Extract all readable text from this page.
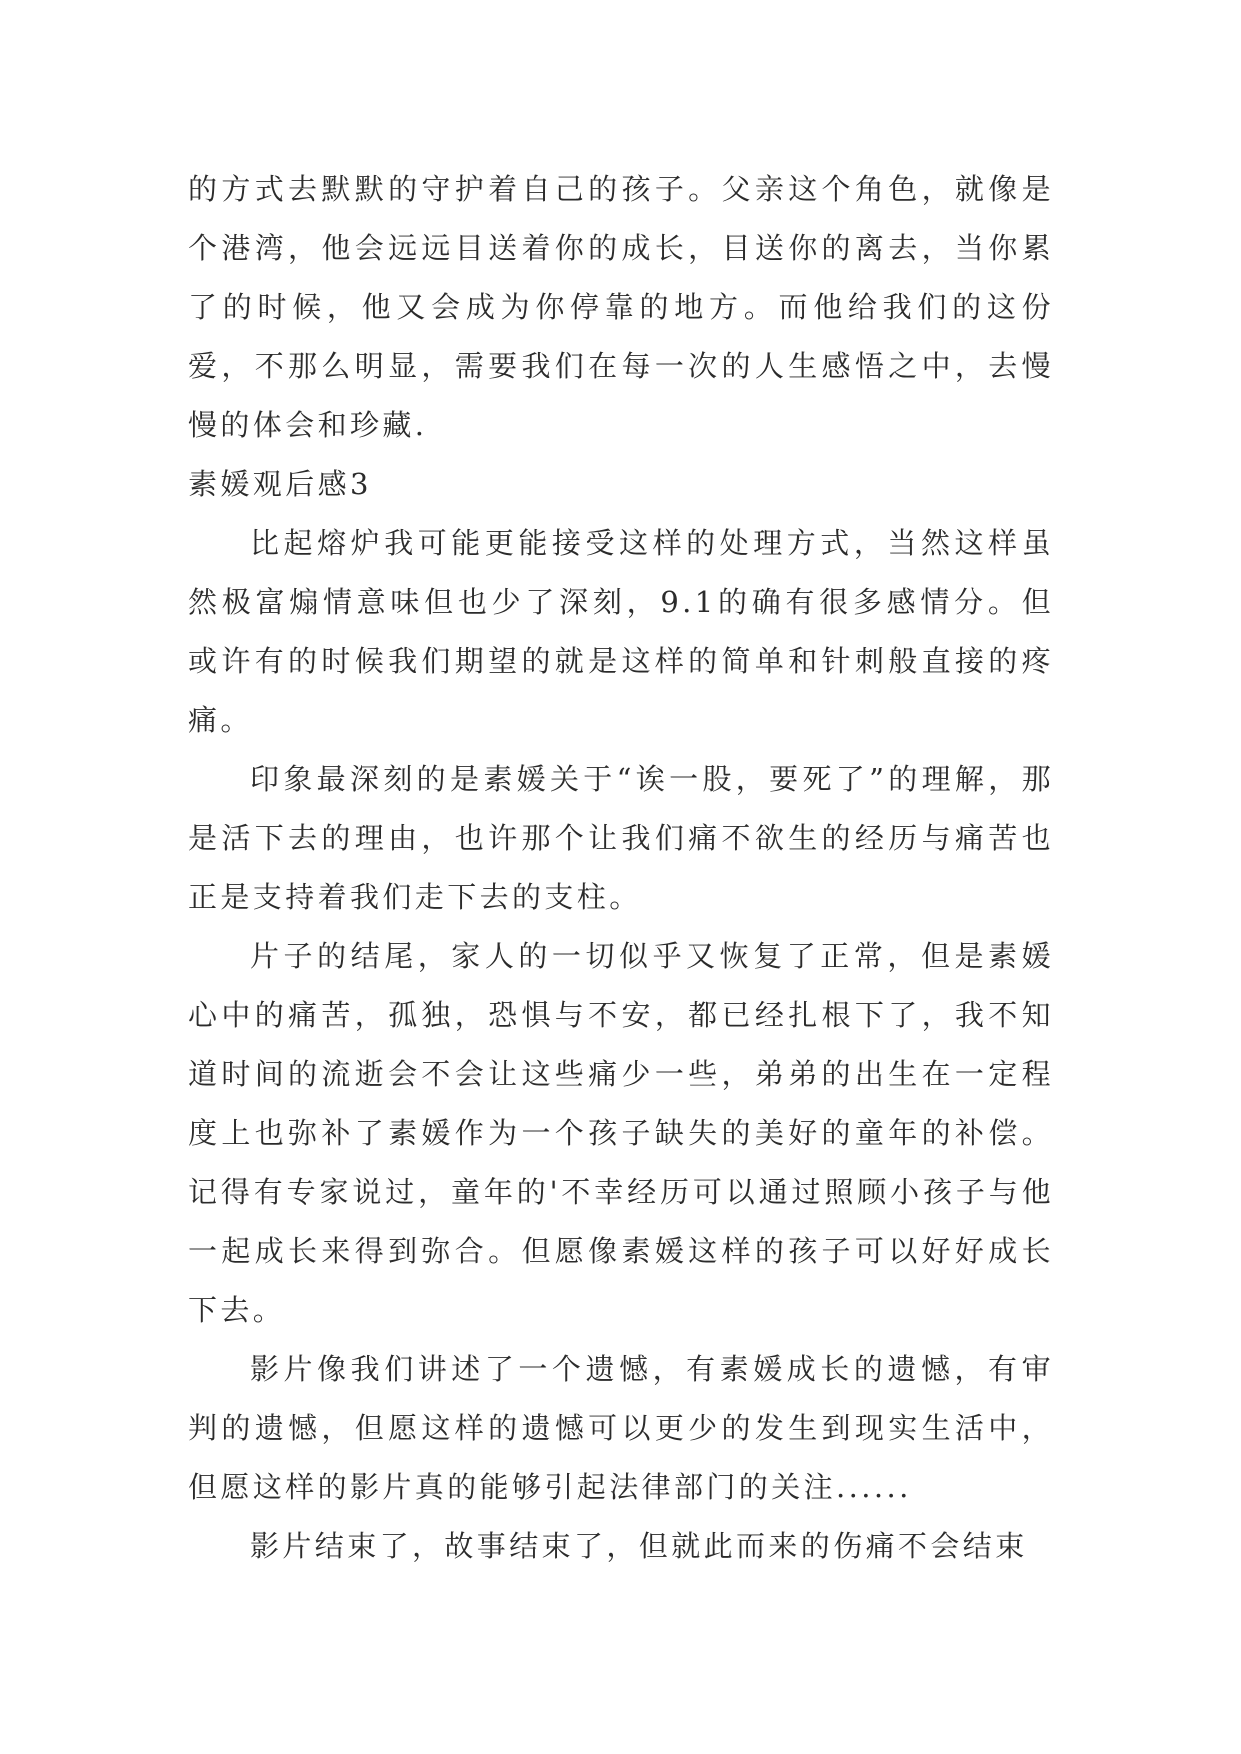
的方式去默默的守护着自己的孩子。父亲这个角色，就像是个港湾，他会远远目送着你的成长，目送你的离去，当你累了的时候，他又会成为你停靠的地方。而他给我们的这份爱，不那么明显，需要我们在每一次的人生感悟之中，去慢慢的体会和珍藏.

素媛观后感3

比起熔炉我可能更能接受这样的处理方式，当然这样虽然极富煽情意味但也少了深刻，9.1的确有很多感情分。但或许有的时候我们期望的就是这样的简单和针刺般直接的疼痛。

印象最深刻的是素媛关于“诶一股，要死了”的理解，那是活下去的理由，也许那个让我们痛不欲生的经历与痛苦也正是支持着我们走下去的支柱。

片子的结尾，家人的一切似乎又恢复了正常，但是素媛心中的痛苦，孤独，恐惧与不安，都已经扎根下了，我不知道时间的流逝会不会让这些痛少一些，弟弟的出生在一定程度上也弥补了素媛作为一个孩子缺失的美好的童年的补偿。记得有专家说过，童年的'不幸经历可以通过照顾小孩子与他一起成长来得到弥合。但愿像素媛这样的孩子可以好好成长下去。

影片像我们讲述了一个遗憾，有素媛成长的遗憾，有审判的遗憾，但愿这样的遗憾可以更少的发生到现实生活中，但愿这样的影片真的能够引起法律部门的关注......

影片结束了，故事结束了，但就此而来的伤痛不会结束
